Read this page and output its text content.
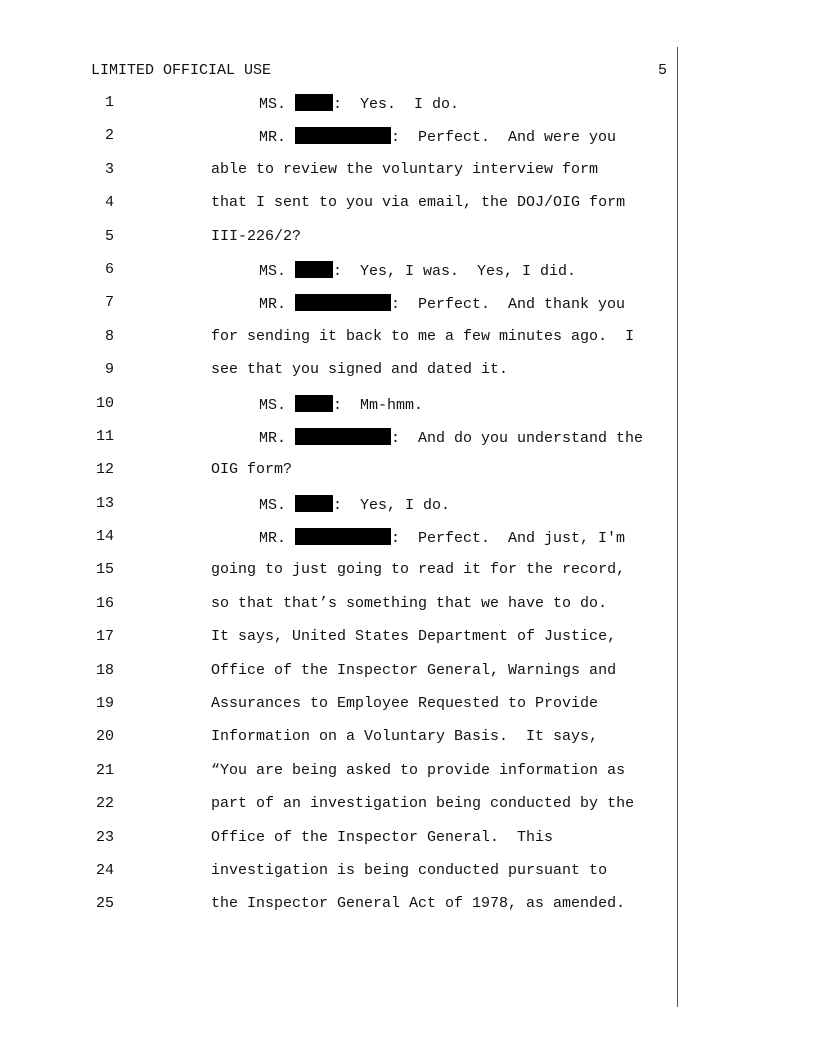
LIMITED OFFICIAL USE	5
1	MS.	:  Yes.  I do.
2	MR.	:  Perfect.  And were you
3	able to review the voluntary interview form
4	that I sent to you via email, the DOJ/OIG form
5	III-226/2?
6	MS.	:  Yes, I was.  Yes, I did.
7	MR.	:  Perfect.  And thank you
8	for sending it back to me a few minutes ago.  I
9	see that you signed and dated it.
10	MS.	:  Mm-hmm.
11	MR.	:  And do you understand the
12	OIG form?
13	MS.	:  Yes, I do.
14	MR.	:  Perfect.  And just, I'm
15	going to just going to read it for the record,
16	so that that’s something that we have to do.
17	It says, United States Department of Justice,
18	Office of the Inspector General, Warnings and
19	Assurances to Employee Requested to Provide
20	Information on a Voluntary Basis.  It says,
21	“You are being asked to provide information as
22	part of an investigation being conducted by the
23	Office of the Inspector General.  This
24	investigation is being conducted pursuant to
25	the Inspector General Act of 1978, as amended.
